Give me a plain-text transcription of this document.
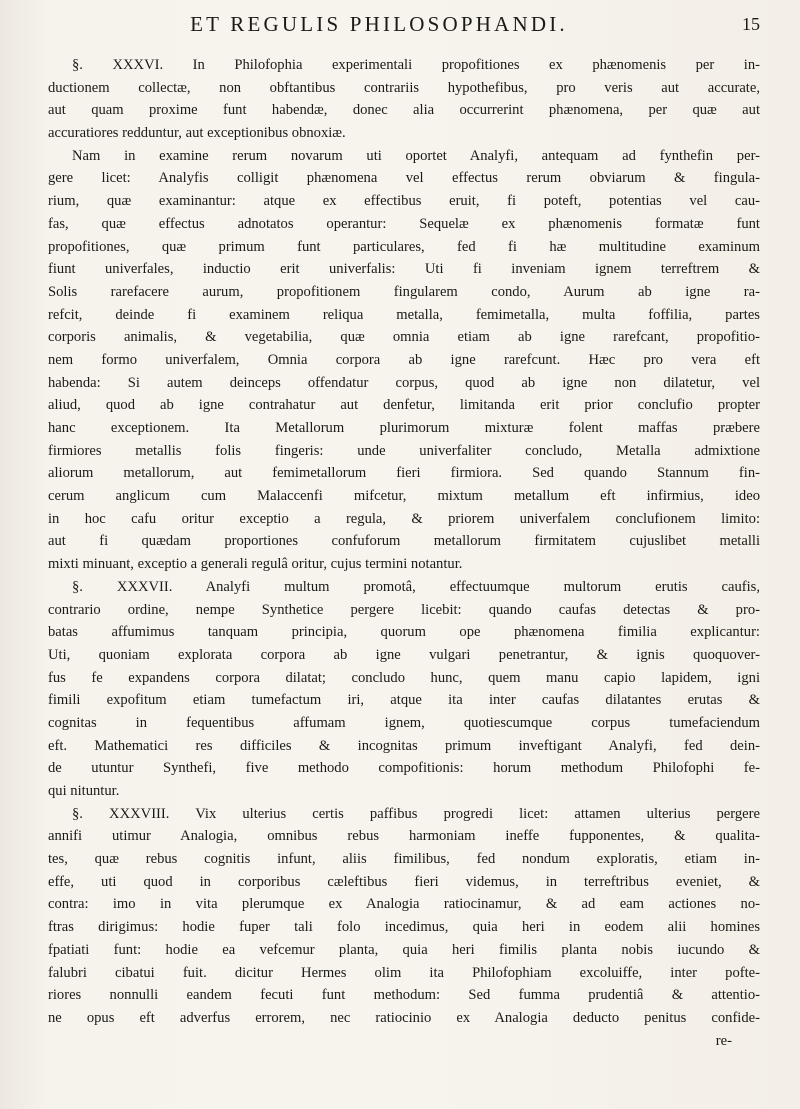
ET REGULIS PHILOSOPHANDI.	15
§. XXXVI. In Philofophia experimentali propofitiones ex phænomenis per in-
ductionem collectæ, non obftantibus contrariis hypothefibus, pro veris aut accurate,
aut quam proxime funt habendæ, donec alia occurrerint phænomena, per quæ aut
accuratiores redduntur, aut exceptionibus obnoxiæ.
Nam in examine rerum novarum uti oportet Analyfi, antequam ad fynthefin per-
gere licet: Analyfis colligit phænomena vel effectus rerum obviarum & fingula-
rium, quæ examinantur: atque ex effectibus eruit, fi poteft, potentias vel cau-
fas, quæ effectus adnotatos operantur: Sequelæ ex phænomenis formatæ funt
propofitiones, quæ primum funt particulares, fed fi hæ multitudine examinum
fiunt univerfales, inductio erit univerfalis: Uti fi inveniam ignem terreftrem &
Solis rarefacere aurum, propofitionem fingularem condo, Aurum ab igne ra-
refcit, deinde fi examinem reliqua metalla, femimetalla, multa foffilia, partes
corporis animalis, & vegetabilia, quæ omnia etiam ab igne rarefcant, propofitio-
nem formo univerfalem, Omnia corpora ab igne rarefcunt. Hæc pro vera eft
habenda: Si autem deinceps offendatur corpus, quod ab igne non dilatetur, vel
aliud, quod ab igne contrahatur aut denfetur, limitanda erit prior conclufio propter
hanc exceptionem. Ita Metallorum plurimorum mixturæ folent maffas præbere
firmiores metallis folis fingeris: unde univerfaliter concludo, Metalla admixtione
aliorum metallorum, aut femimetallorum fieri firmiora. Sed quando Stannum fin-
cerum anglicum cum Malaccenfi mifcetur, mixtum metallum eft infirmius, ideo
in hoc cafu oritur exceptio a regula, & priorem univerfalem conclufionem limito:
aut fi quædam proportiones confuforum metallorum firmitatem cujuslibet metalli
mixti minuant, exceptio a generali regulâ oritur, cujus termini notantur.
§. XXXVII. Analyfi multum promotâ, effectuumque multorum erutis caufis,
contrario ordine, nempe Synthetice pergere licebit: quando caufas detectas & pro-
batas affumimus tanquam principia, quorum ope phænomena fimilia explicantur:
Uti, quoniam explorata corpora ab igne vulgari penetrantur, & ignis quoquover-
fus fe expandens corpora dilatat; concludo hunc, quem manu capio lapidem, igni
fimili expofitum etiam tumefactum iri, atque ita inter caufas dilatantes erutas &
cognitas in fequentibus affumam ignem, quotiescumque corpus tumefaciendum
eft. Mathematici res difficiles & incognitas primum inveftigant Analyfi, fed dein-
de utuntur Synthefi, five methodo compofitionis: horum methodum Philofophi fe-
qui nituntur.
§. XXXVIII. Vix ulterius certis paffibus progredi licet: attamen ulterius pergere
annifi utimur Analogia, omnibus rebus harmoniam ineffe fupponentes, & qualita-
tes, quæ rebus cognitis infunt, aliis fimilibus, fed nondum exploratis, etiam in-
effe, uti quod in corporibus cæleftibus fieri videmus, in terreftribus eveniet, &
contra: imo in vita plerumque ex Analogia ratiocinamur, & ad eam actiones no-
ftras dirigimus: hodie fuper tali folo incedimus, quia heri in eodem alii homines
fpatiati funt: hodie ea vefcemur planta, quia heri fimilis planta nobis iucundo &
falubri cibatui fuit. dicitur Hermes olim ita Philofophiam excoluiffe, inter pofte-
riores nonnulli eandem fecuti funt methodum: Sed fumma prudentiâ & attentio-
ne opus eft adverfus errorem, nec ratiocinio ex Analogia deducto penitus confide-
re-
